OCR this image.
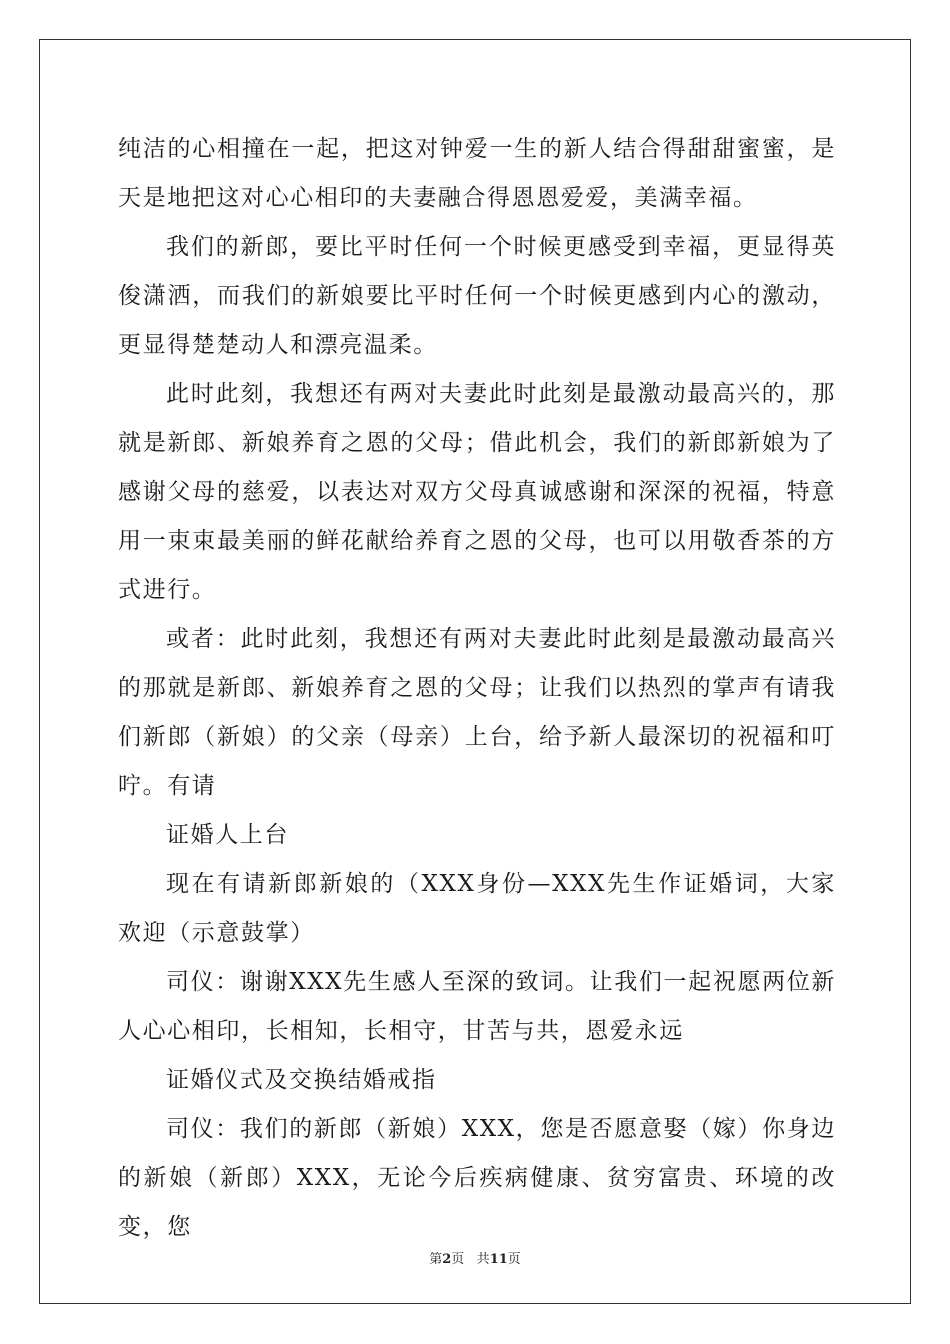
纯洁的心相撞在一起，把这对钟爱一生的新人结合得甜甜蜜蜜，是天是地把这对心心相印的夫妻融合得恩恩爱爱，美满幸福。

我们的新郎，要比平时任何一个时候更感受到幸福，更显得英俊潇洒，而我们的新娘要比平时任何一个时候更感到内心的激动，更显得楚楚动人和漂亮温柔。

此时此刻，我想还有两对夫妻此时此刻是最激动最高兴的，那就是新郎、新娘养育之恩的父母；借此机会，我们的新郎新娘为了感谢父母的慈爱，以表达对双方父母真诚感谢和深深的祝福，特意用一束束最美丽的鲜花献给养育之恩的父母，也可以用敬香茶的方式进行。

或者：此时此刻，我想还有两对夫妻此时此刻是最激动最高兴的那就是新郎、新娘养育之恩的父母；让我们以热烈的掌声有请我们新郎（新娘）的父亲（母亲）上台，给予新人最深切的祝福和叮咛。有请

证婚人上台

现在有请新郎新娘的（XXX身份—XXX先生作证婚词，大家欢迎（示意鼓掌）

司仪：谢谢XXX先生感人至深的致词。让我们一起祝愿两位新人心心相印，长相知，长相守，甘苦与共，恩爱永远

证婚仪式及交换结婚戒指

司仪：我们的新郎（新娘）XXX，您是否愿意娶（嫁）你身边的新娘（新郎）XXX，无论今后疾病健康、贫穷富贵、环境的改变，您

第2页 共11页
